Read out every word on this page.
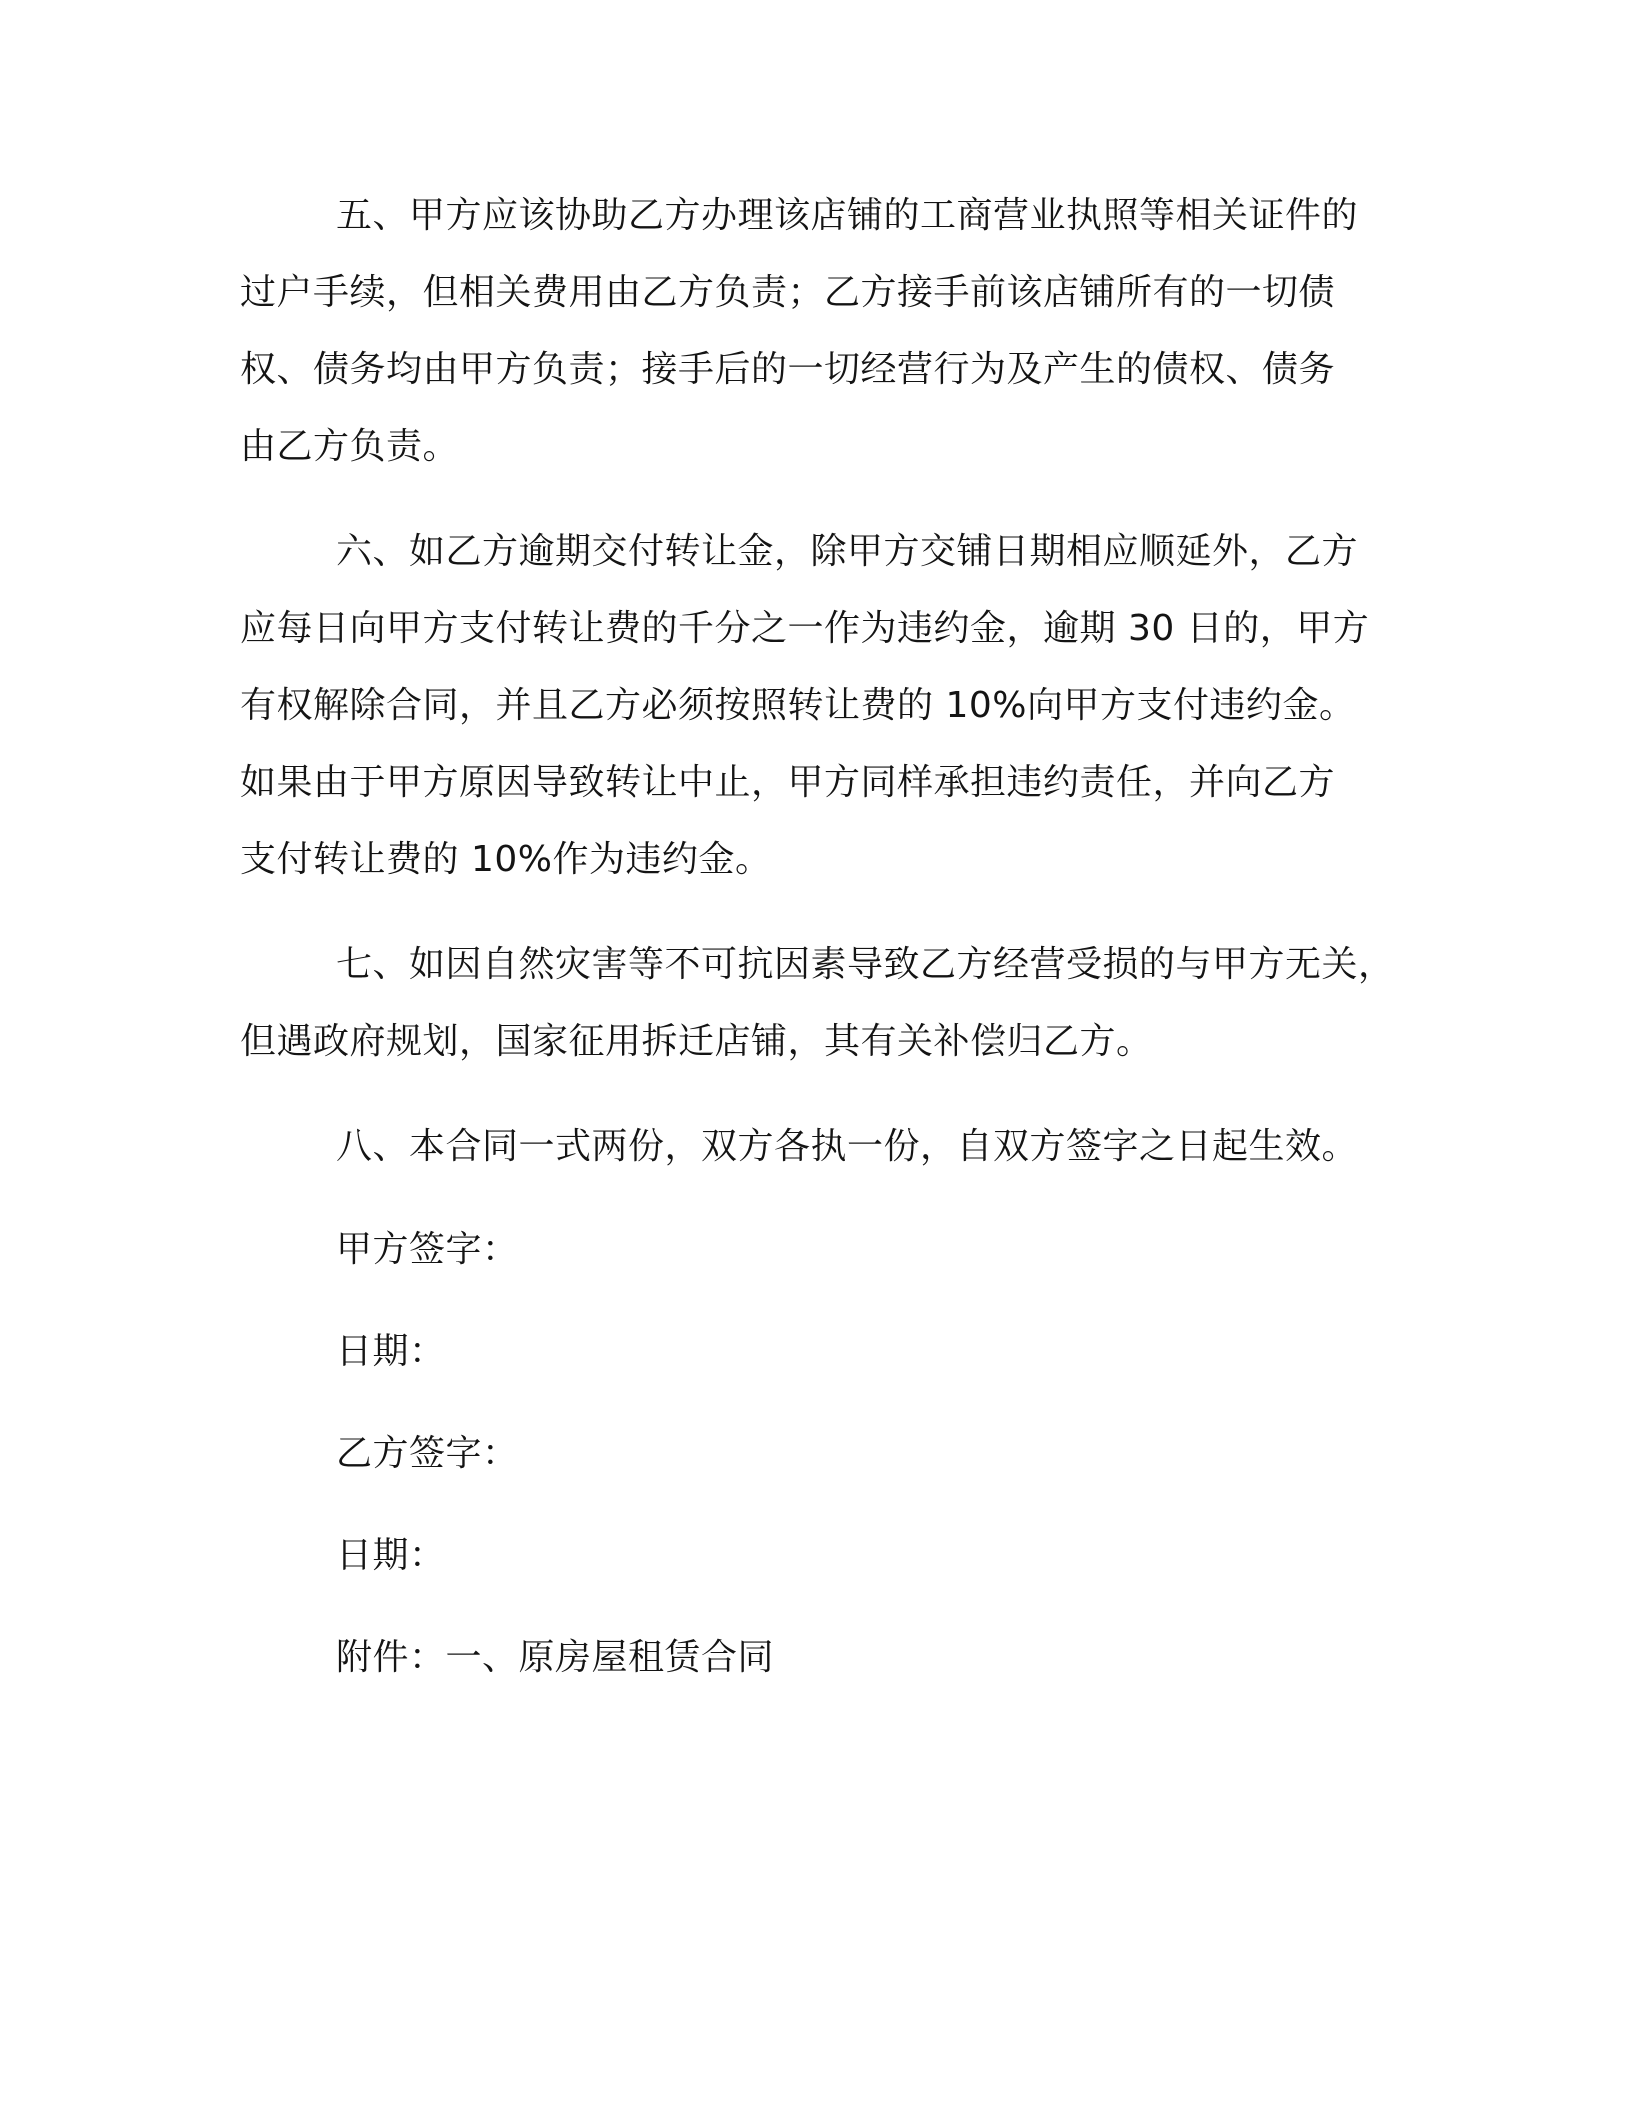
五、甲方应该协助乙方办理该店铺的工商营业执照等相关证件的
过户手续，但相关费用由乙方负责；乙方接手前该店铺所有的一切债
权、债务均由甲方负责；接手后的一切经营行为及产生的债权、债务
由乙方负责。
六、如乙方逾期交付转让金，除甲方交铺日期相应顺延外，乙方
应每日向甲方支付转让费的千分之一作为违约金，逾期 30 日的，甲方
有权解除合同，并且乙方必须按照转让费的 10%向甲方支付违约金。
如果由于甲方原因导致转让中止，甲方同样承担违约责任，并向乙方
支付转让费的 10%作为违约金。
七、如因自然灾害等不可抗因素导致乙方经营受损的与甲方无关，
但遇政府规划，国家征用拆迁店铺，其有关补偿归乙方。
八、本合同一式两份，双方各执一份，自双方签字之日起生效。
甲方签字：
日期：
乙方签字：
日期：
附件：一、原房屋租赁合同
